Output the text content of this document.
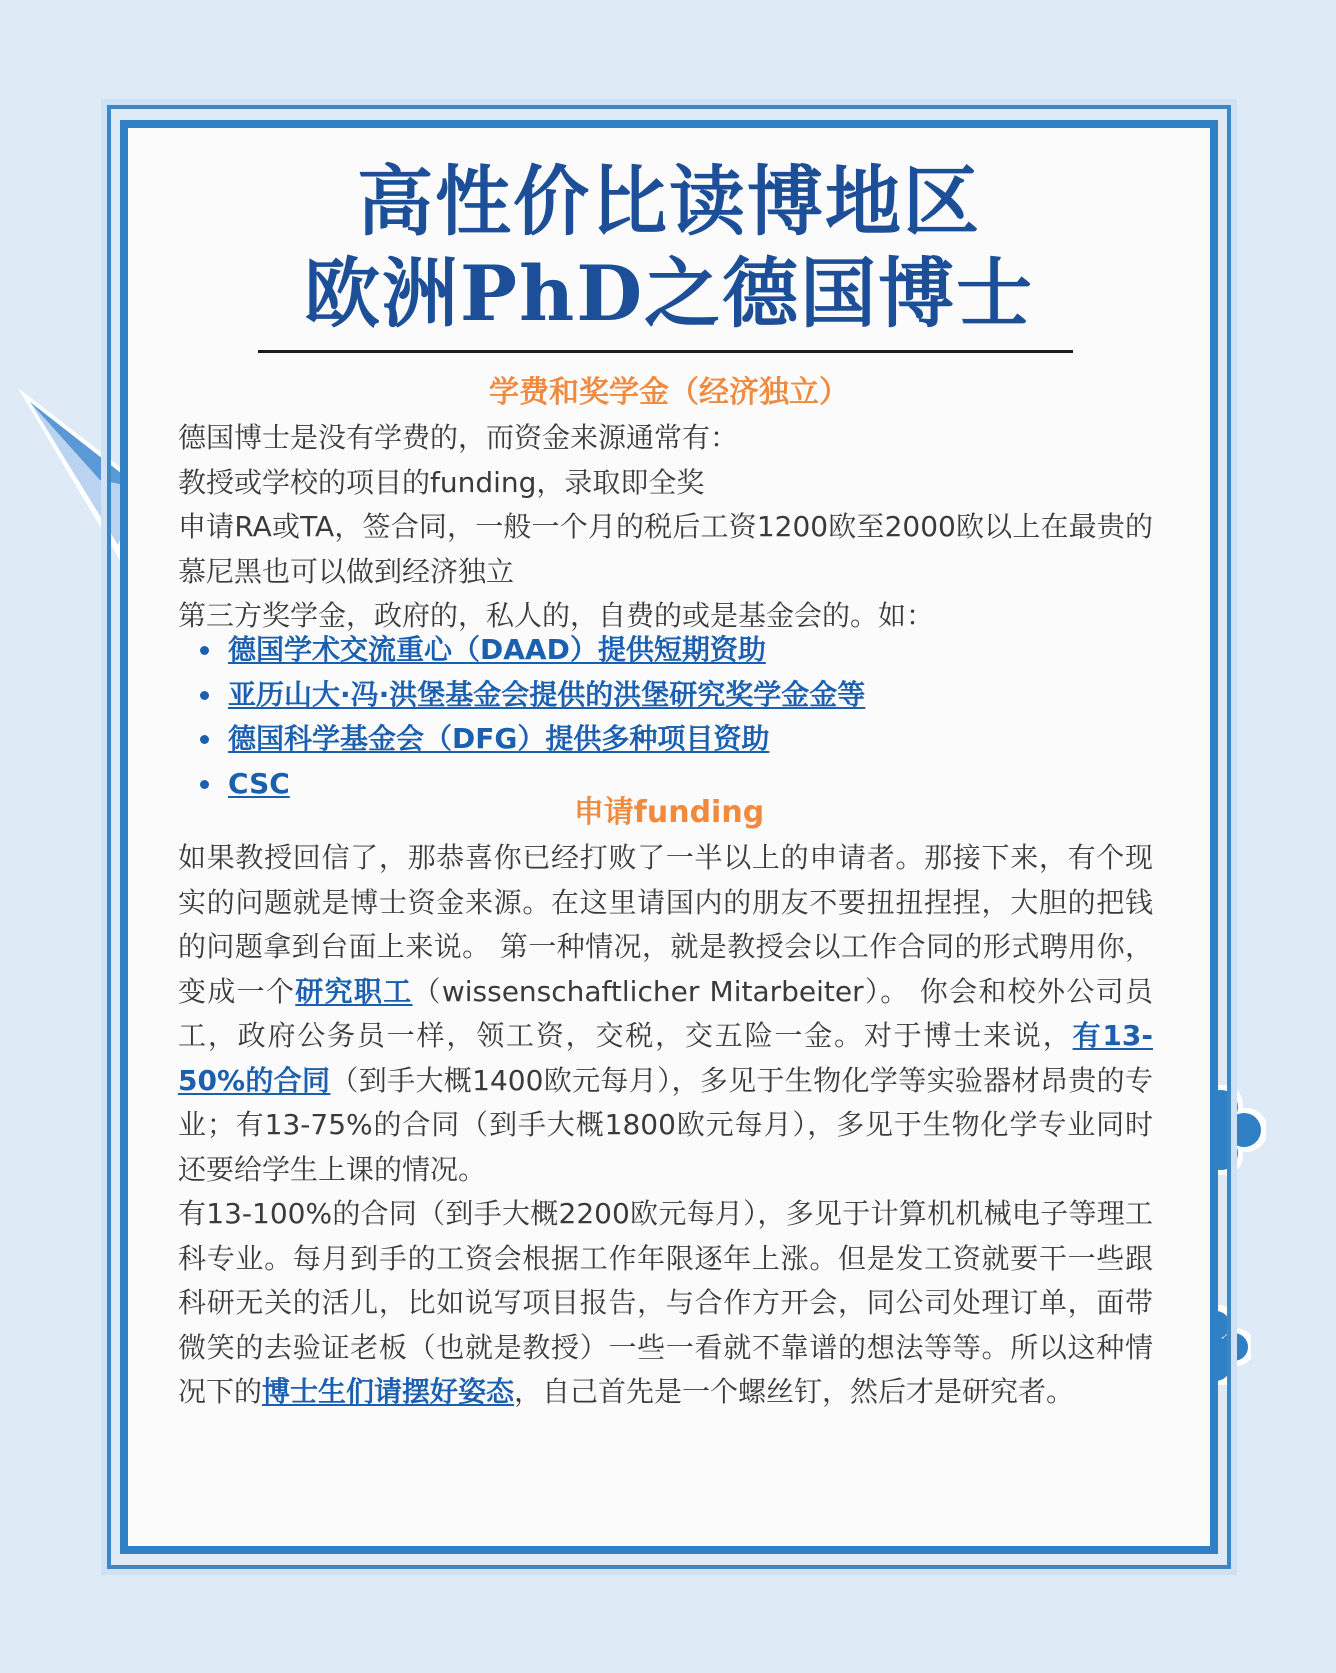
高性价比读博地区
欧洲PhD之德国博士
学费和奖学金（经济独立）

德国博士是没有学费的，而资金来源通常有：

教授或学校的项目的funding，录取即全奖

申请RA或TA，签合同，一般一个月的税后工资1200欧至2000欧以上在最贵的慕尼黑也可以做到经济独立

第三方奖学金，政府的，私人的，自费的或是基金会的。如：

德国学术交流重心（DAAD）提供短期资助
亚历山大·冯·洪堡基金会提供的洪堡研究奖学金金等
德国科学基金会（DFG）提供多种项目资助
CSC
申请funding

如果教授回信了，那恭喜你已经打败了一半以上的申请者。那接下来，有个现实的问题就是博士资金来源。在这里请国内的朋友不要扭扭捏捏，大胆的把钱的问题拿到台面上来说。 第一种情况，就是教授会以工作合同的形式聘用你，变成一个研究职工（wissenschaftlicher Mitarbeiter）。 你会和校外公司员工，政府公务员一样，领工资，交税，交五险一金。对于博士来说，有13-50%的合同（到手大概1400欧元每月），多见于生物化学等实验器材昂贵的专业；有13-75%的合同（到手大概1800欧元每月），多见于生物化学专业同时还要给学生上课的情况。

有13-100%的合同（到手大概2200欧元每月），多见于计算机机械电子等理工科专业。每月到手的工资会根据工作年限逐年上涨。但是发工资就要干一些跟科研无关的活儿，比如说写项目报告，与合作方开会，同公司处理订单，面带微笑的去验证老板（也就是教授）一些一看就不靠谱的想法等等。所以这种情况下的博士生们请摆好姿态，自己首先是一个螺丝钉，然后才是研究者。
